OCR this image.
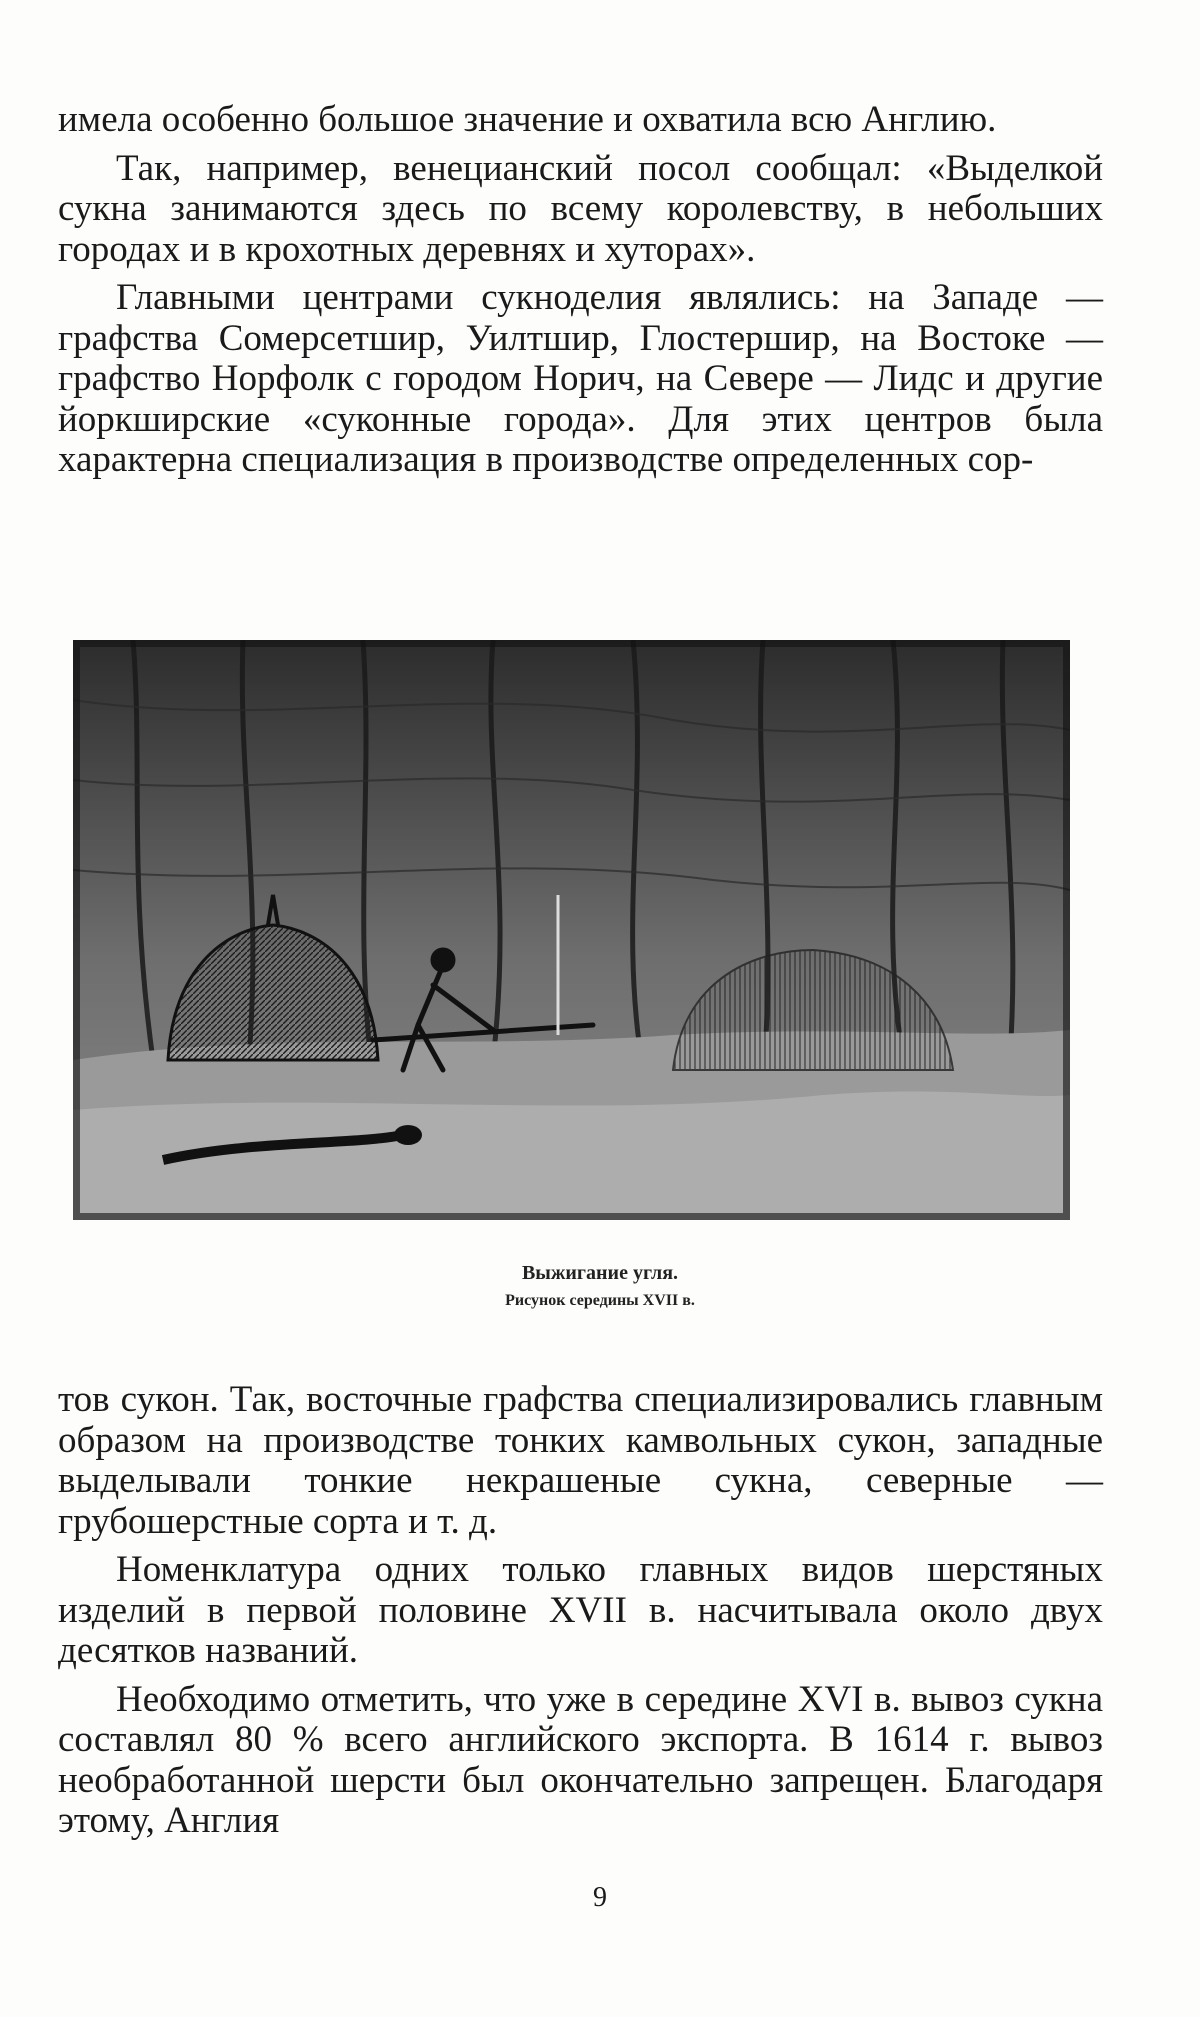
имела особенно большое значение и охватила всю Англию.

Так, например, венецианский посол сообщал: «Выделкой сукна занимаются здесь по всему королевству, в небольших городах и в крохотных деревнях и хуторах».

Главными центрами сукноделия являлись: на Западе — графства Сомерсетшир, Уилтшир, Глостершир, на Востоке — графство Норфолк с городом Норич, на Севере — Лидс и другие йоркширские «суконные города». Для этих центров была характерна специализация в производстве определенных сор-

Выжигание угля.
Рисунок середины XVII в.

тов сукон. Так, восточные графства специализировались главным образом на производстве тонких камвольных сукон, западные выделывали тонкие некрашеные сукна, северные — грубошерстные сорта и т. д.

Номенклатура одних только главных видов шерстяных изделий в первой половине XVII в. насчитывала около двух десятков названий.

Необходимо отметить, что уже в середине XVI в. вывоз сукна составлял 80 % всего английского экспорта. В 1614 г. вывоз необработанной шерсти был окончательно запрещен. Благодаря этому, Англия

9
